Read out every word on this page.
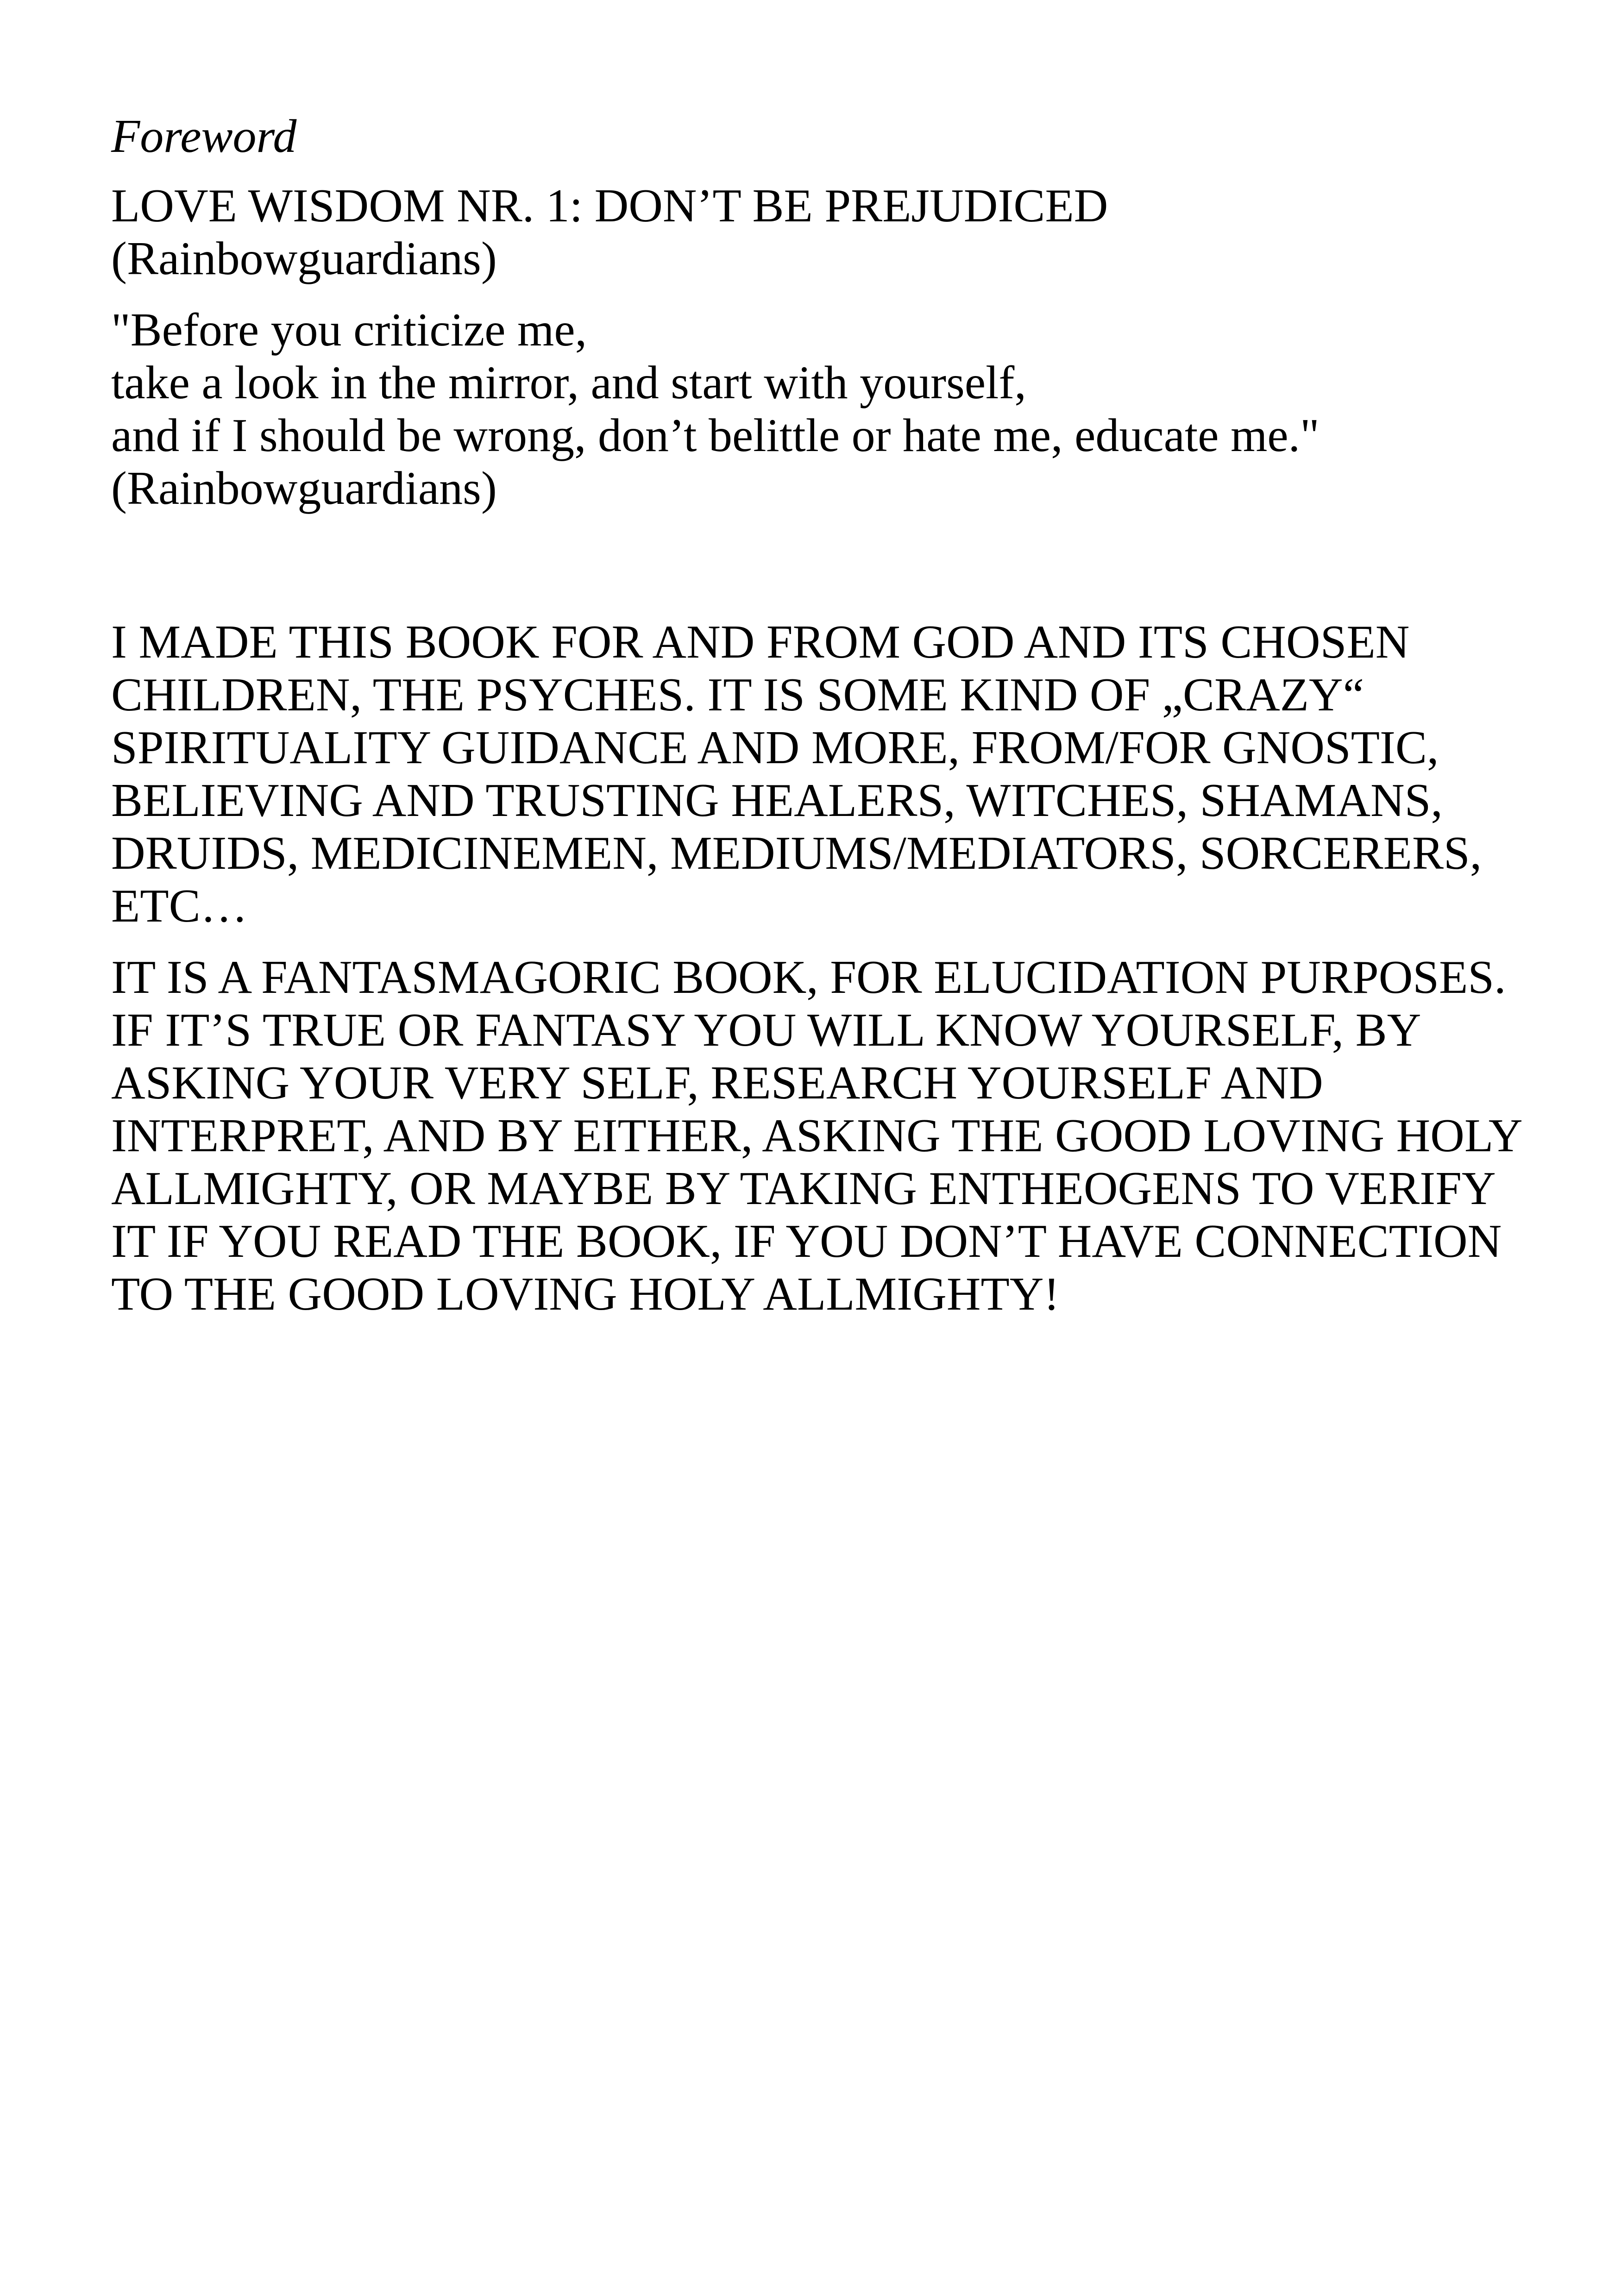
Foreword
LOVE WISDOM NR. 1: DON’T BE PREJUDICED
(Rainbowguardians)
"Before you criticize me,
take a look in the mirror, and start with yourself,
and if I should be wrong, don’t belittle or hate me, educate me."
(Rainbowguardians)
I MADE THIS BOOK FOR AND FROM GOD AND ITS CHOSEN
CHILDREN, THE PSYCHES. IT IS SOME KIND OF „CRAZY“
SPIRITUALITY GUIDANCE AND MORE, FROM/FOR GNOSTIC,
BELIEVING AND TRUSTING HEALERS, WITCHES, SHAMANS,
DRUIDS, MEDICINEMEN, MEDIUMS/MEDIATORS, SORCERERS,
ETC…
IT IS A FANTASMAGORIC BOOK, FOR ELUCIDATION PURPOSES.
IF IT’S TRUE OR FANTASY YOU WILL KNOW YOURSELF, BY
ASKING YOUR VERY SELF, RESEARCH YOURSELF AND
INTERPRET, AND BY EITHER, ASKING THE GOOD LOVING HOLY
ALLMIGHTY, OR MAYBE BY TAKING ENTHEOGENS TO VERIFY
IT IF YOU READ THE BOOK, IF YOU DON’T HAVE CONNECTION
TO THE GOOD LOVING HOLY ALLMIGHTY!
